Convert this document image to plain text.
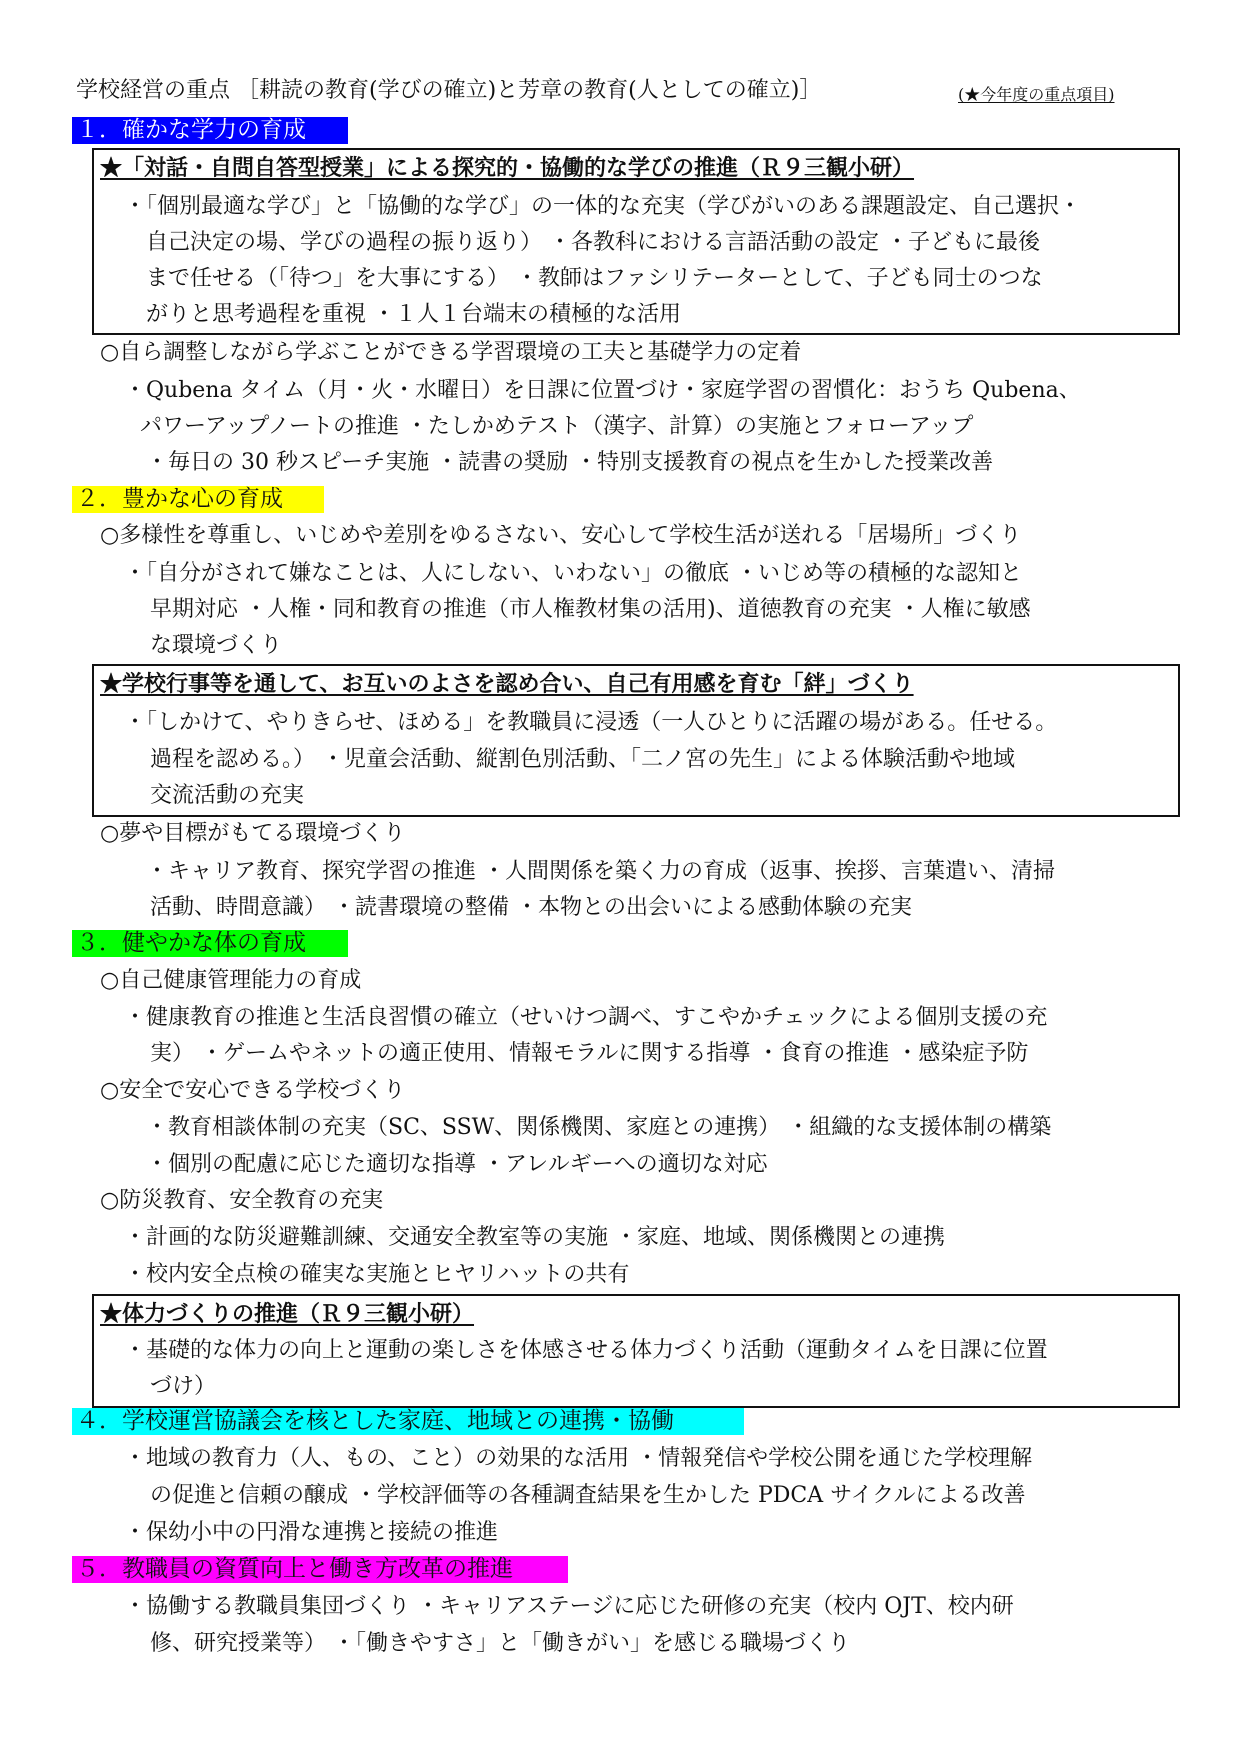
学校経営の重点 ［耕読の教育(学びの確立)と芳章の教育(人としての確立)］	(★今年度の重点項目)
１．確かな学力の育成
★「対話・自問自答型授業」による探究的・協働的な学びの推進（Ｒ９三観小研）
・「個別最適な学び」と「協働的な学び」の一体的な充実（学びがいのある課題設定、自己選択・
自己決定の場、学びの過程の振り返り） ・各教科における言語活動の設定 ・子どもに最後
まで任せる（「待つ」を大事にする） ・教師はファシリテーターとして、子ども同士のつな
がりと思考過程を重視 ・１人１台端末の積極的な活用
○自ら調整しながら学ぶことができる学習環境の工夫と基礎学力の定着
・Qubena タイム（月・火・水曜日）を日課に位置づけ・家庭学習の習慣化：おうち Qubena、
パワーアップノートの推進 ・たしかめテスト（漢字、計算）の実施とフォローアップ
・毎日の 30 秒スピーチ実施 ・読書の奨励 ・特別支援教育の視点を生かした授業改善
２．豊かな心の育成
○多様性を尊重し、いじめや差別をゆるさない、安心して学校生活が送れる「居場所」づくり
・「自分がされて嫌なことは、人にしない、いわない」の徹底 ・いじめ等の積極的な認知と
早期対応 ・人権・同和教育の推進（市人権教材集の活用)、道徳教育の充実 ・人権に敏感
な環境づくり
★学校行事等を通して、お互いのよさを認め合い、自己有用感を育む「絆」づくり
・「しかけて、やりきらせ、ほめる」を教職員に浸透（一人ひとりに活躍の場がある。任せる。
過程を認める。） ・児童会活動、縦割色別活動、「二ノ宮の先生」による体験活動や地域
交流活動の充実
○夢や目標がもてる環境づくり
・キャリア教育、探究学習の推進 ・人間関係を築く力の育成（返事、挨拶、言葉遣い、清掃
活動、時間意識） ・読書環境の整備 ・本物との出会いによる感動体験の充実
３．健やかな体の育成
○自己健康管理能力の育成
・健康教育の推進と生活良習慣の確立（せいけつ調べ、すこやかチェックによる個別支援の充
実） ・ゲームやネットの適正使用、情報モラルに関する指導 ・食育の推進 ・感染症予防
○安全で安心できる学校づくり
・教育相談体制の充実（SC、SSW、関係機関、家庭との連携） ・組織的な支援体制の構築
・個別の配慮に応じた適切な指導 ・アレルギーへの適切な対応
○防災教育、安全教育の充実
・計画的な防災避難訓練、交通安全教室等の実施 ・家庭、地域、関係機関との連携
・校内安全点検の確実な実施とヒヤリハットの共有
★体力づくりの推進（Ｒ９三観小研）
・基礎的な体力の向上と運動の楽しさを体感させる体力づくり活動（運動タイムを日課に位置
づけ）
４．学校運営協議会を核とした家庭、地域との連携・協働
・地域の教育力（人、もの、こと）の効果的な活用 ・情報発信や学校公開を通じた学校理解
の促進と信頼の醸成 ・学校評価等の各種調査結果を生かした PDCA サイクルによる改善
・保幼小中の円滑な連携と接続の推進
５．教職員の資質向上と働き方改革の推進
・協働する教職員集団づくり ・キャリアステージに応じた研修の充実（校内 OJT、校内研
修、研究授業等） ・「働きやすさ」と「働きがい」を感じる職場づくり
